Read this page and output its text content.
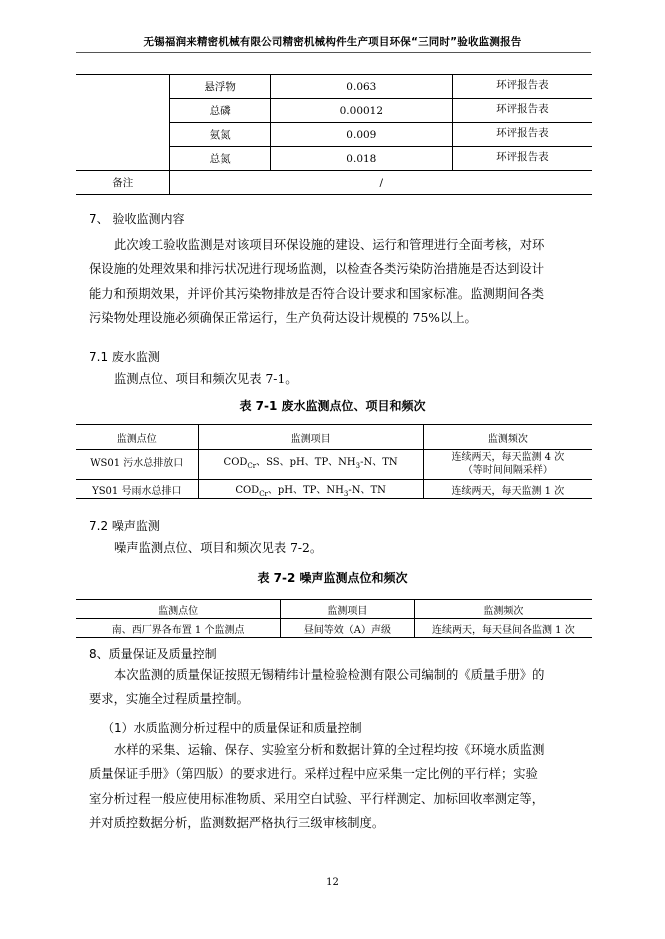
无锡福润来精密机械有限公司精密机械构件生产项目环保“三同时”验收监测报告
	悬浮物	0.063	环评报告表
	总磷	0.00012	环评报告表
	氨氮	0.009	环评报告表
	总氮	0.018	环评报告表
备注	/		
7、 验收监测内容
此次竣工验收监测是对该项目环保设施的建设、运行和管理进行全面考核，对环
保设施的处理效果和排污状况进行现场监测，以检查各类污染防治措施是否达到设计
能力和预期效果，并评价其污染物排放是否符合设计要求和国家标准。监测期间各类
污染物处理设施必须确保正常运行，生产负荷达设计规模的 75%以上。
7.1 废水监测
监测点位、项目和频次见表 7-1。
表 7-1 废水监测点位、项目和频次
监测点位	监测项目	监测频次
WS01 污水总排放口	$COD_{Cr}$、SS、pH、TP、$NH_3-N$、TN	连续两天，每天监测 4 次
（等时间间隔采样）
YS01 号雨水总排口	$COD_{Cr}$、pH、TP、$NH_3-N$、TN	连续两天，每天监测 1 次
7.2 噪声监测
噪声监测点位、项目和频次见表 7-2。
表 7-2 噪声监测点位和频次
监测点位	监测项目	监测频次
南、西厂界各布置 1 个监测点	昼间等效（A）声级	连续两天，每天昼间各监测 1 次
8、质量保证及质量控制
本次监测的质量保证按照无锡精纬计量检验检测有限公司编制的《质量手册》的
要求，实施全过程质量控制。
（1）水质监测分析过程中的质量保证和质量控制
水样的采集、运输、保存、实验室分析和数据计算的全过程均按《环境水质监测
质量保证手册》（第四版）的要求进行。采样过程中应采集一定比例的平行样；实验
室分析过程一般应使用标准物质、采用空白试验、平行样测定、加标回收率测定等，
并对质控数据分析，监测数据严格执行三级审核制度。
12
